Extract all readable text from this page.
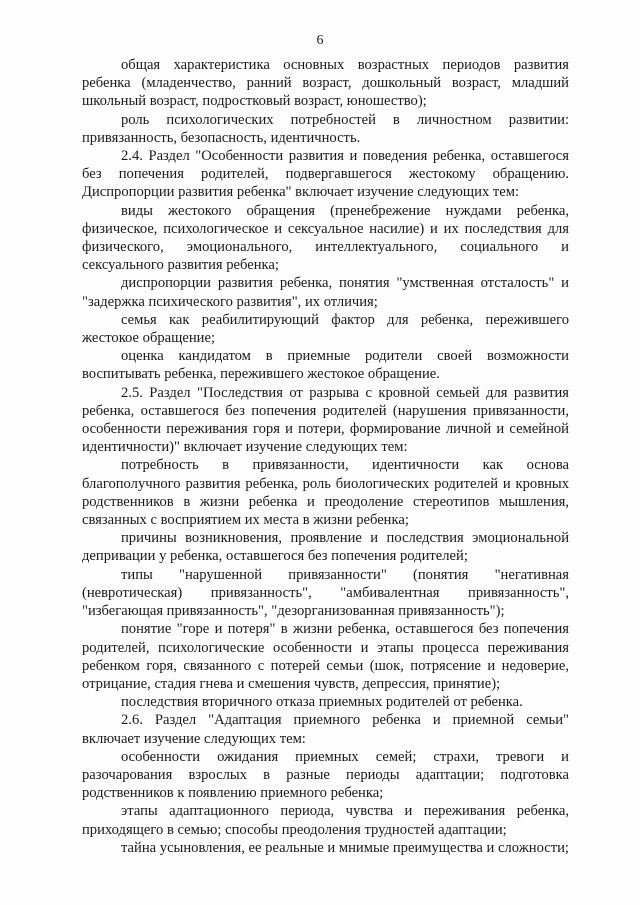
6

общая характеристика основных возрастных периодов развития ребенка (младенчество, ранний возраст, дошкольный возраст, младший школьный возраст, подростковый возраст, юношество);

роль психологических потребностей в личностном развитии: привязанность, безопасность, идентичность.

2.4. Раздел "Особенности развития и поведения ребенка, оставшегося без попечения родителей, подвергавшегося жестокому обращению. Диспропорции развития ребенка" включает изучение следующих тем:

виды жестокого обращения (пренебрежение нуждами ребенка, физическое, психологическое и сексуальное насилие) и их последствия для физического, эмоционального, интеллектуального, социального и сексуального развития ребенка;

диспропорции развития ребенка, понятия "умственная отсталость" и "задержка психического развития", их отличия;

семья как реабилитирующий фактор для ребенка, пережившего жестокое обращение;

оценка кандидатом в приемные родители своей возможности воспитывать ребенка, пережившего жестокое обращение.

2.5. Раздел "Последствия от разрыва с кровной семьей для развития ребенка, оставшегося без попечения родителей (нарушения привязанности, особенности переживания горя и потери, формирование личной и семейной идентичности)" включает изучение следующих тем:

потребность в привязанности, идентичности как основа благополучного развития ребенка, роль биологических родителей и кровных родственников в жизни ребенка и преодоление стереотипов мышления, связанных с восприятием их места в жизни ребенка;

причины возникновения, проявление и последствия эмоциональной депривации у ребенка, оставшегося без попечения родителей;

типы "нарушенной привязанности" (понятия "негативная (невротическая) привязанность", "амбивалентная привязанность", "избегающая привязанность", "дезорганизованная привязанность");

понятие "горе и потеря" в жизни ребенка, оставшегося без попечения родителей, психологические особенности и этапы процесса переживания ребенком горя, связанного с потерей семьи (шок, потрясение и недоверие, отрицание, стадия гнева и смешения чувств, депрессия, принятие);

последствия вторичного отказа приемных родителей от ребенка.

2.6. Раздел "Адаптация приемного ребенка и приемной семьи" включает изучение следующих тем:

особенности ожидания приемных семей; страхи, тревоги и разочарования взрослых в разные периоды адаптации; подготовка родственников к появлению приемного ребенка;

этапы адаптационного периода, чувства и переживания ребенка, приходящего в семью; способы преодоления трудностей адаптации;

тайна усыновления, ее реальные и мнимые преимущества и сложности;
